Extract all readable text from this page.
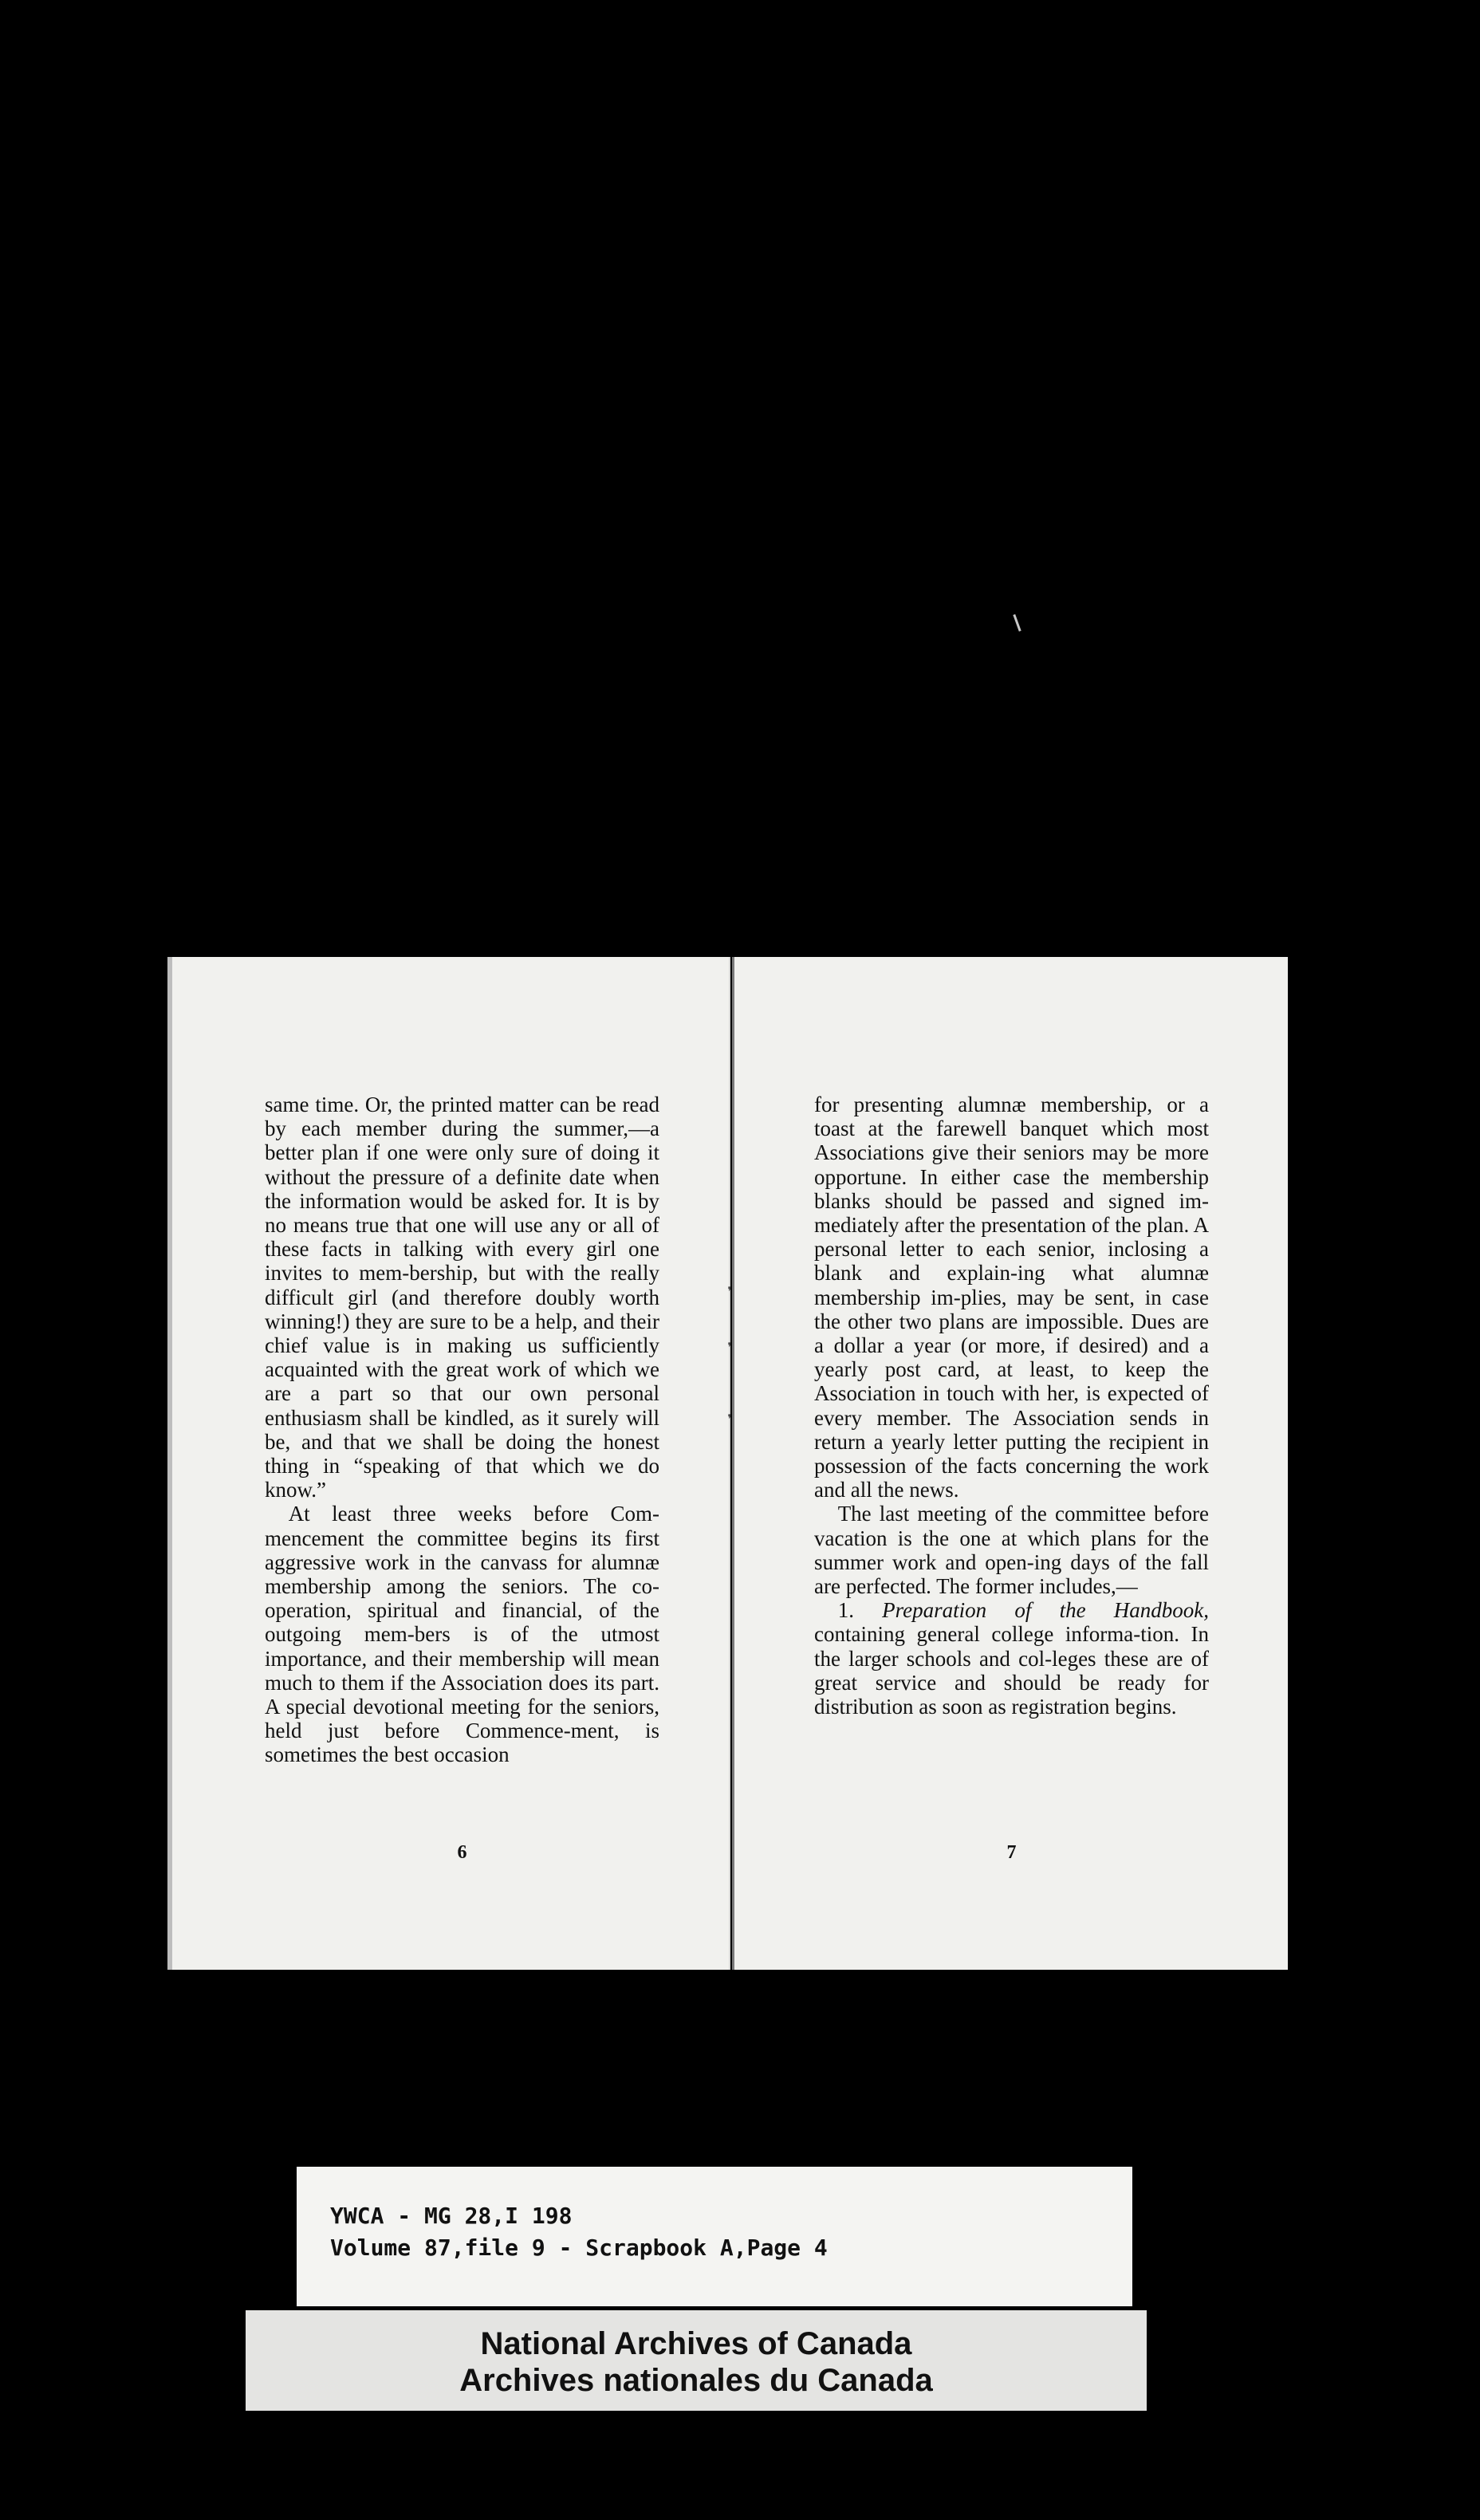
same time. Or, the printed matter can be read by each member during the summer,—a better plan if one were only sure of doing it without the pressure of a definite date when the information would be asked for. It is by no means true that one will use any or all of these facts in talking with every girl one invites to mem-bership, but with the really difficult girl (and therefore doubly worth winning!) they are sure to be a help, and their chief value is in making us sufficiently acquainted with the great work of which we are a part so that our own personal enthusiasm shall be kindled, as it surely will be, and that we shall be doing the honest thing in “speaking of that which we do know.”

At least three weeks before Com-mencement the committee begins its first aggressive work in the canvass for alumnæ membership among the seniors. The co-operation, spiritual and financial, of the outgoing mem-bers is of the utmost importance, and their membership will mean much to them if the Association does its part. A special devotional meeting for the seniors, held just before Commence-ment, is sometimes the best occasion

6

for presenting alumnæ membership, or a toast at the farewell banquet which most Associations give their seniors may be more opportune. In either case the membership blanks should be passed and signed im-mediately after the presentation of the plan. A personal letter to each senior, inclosing a blank and explain-ing what alumnæ membership im-plies, may be sent, in case the other two plans are impossible. Dues are a dollar a year (or more, if desired) and a yearly post card, at least, to keep the Association in touch with her, is expected of every member. The Association sends in return a yearly letter putting the recipient in possession of the facts concerning the work and all the news.

The last meeting of the committee before vacation is the one at which plans for the summer work and open-ing days of the fall are perfected. The former includes,—

1. Preparation of the Handbook, containing general college informa-tion. In the larger schools and col-leges these are of great service and should be ready for distribution as soon as registration begins.

7
❜
❜
❜
YWCA - MG 28,I 198
Volume 87,file 9 - Scrapbook A,Page 4
National Archives of Canada
Archives nationales du Canada
